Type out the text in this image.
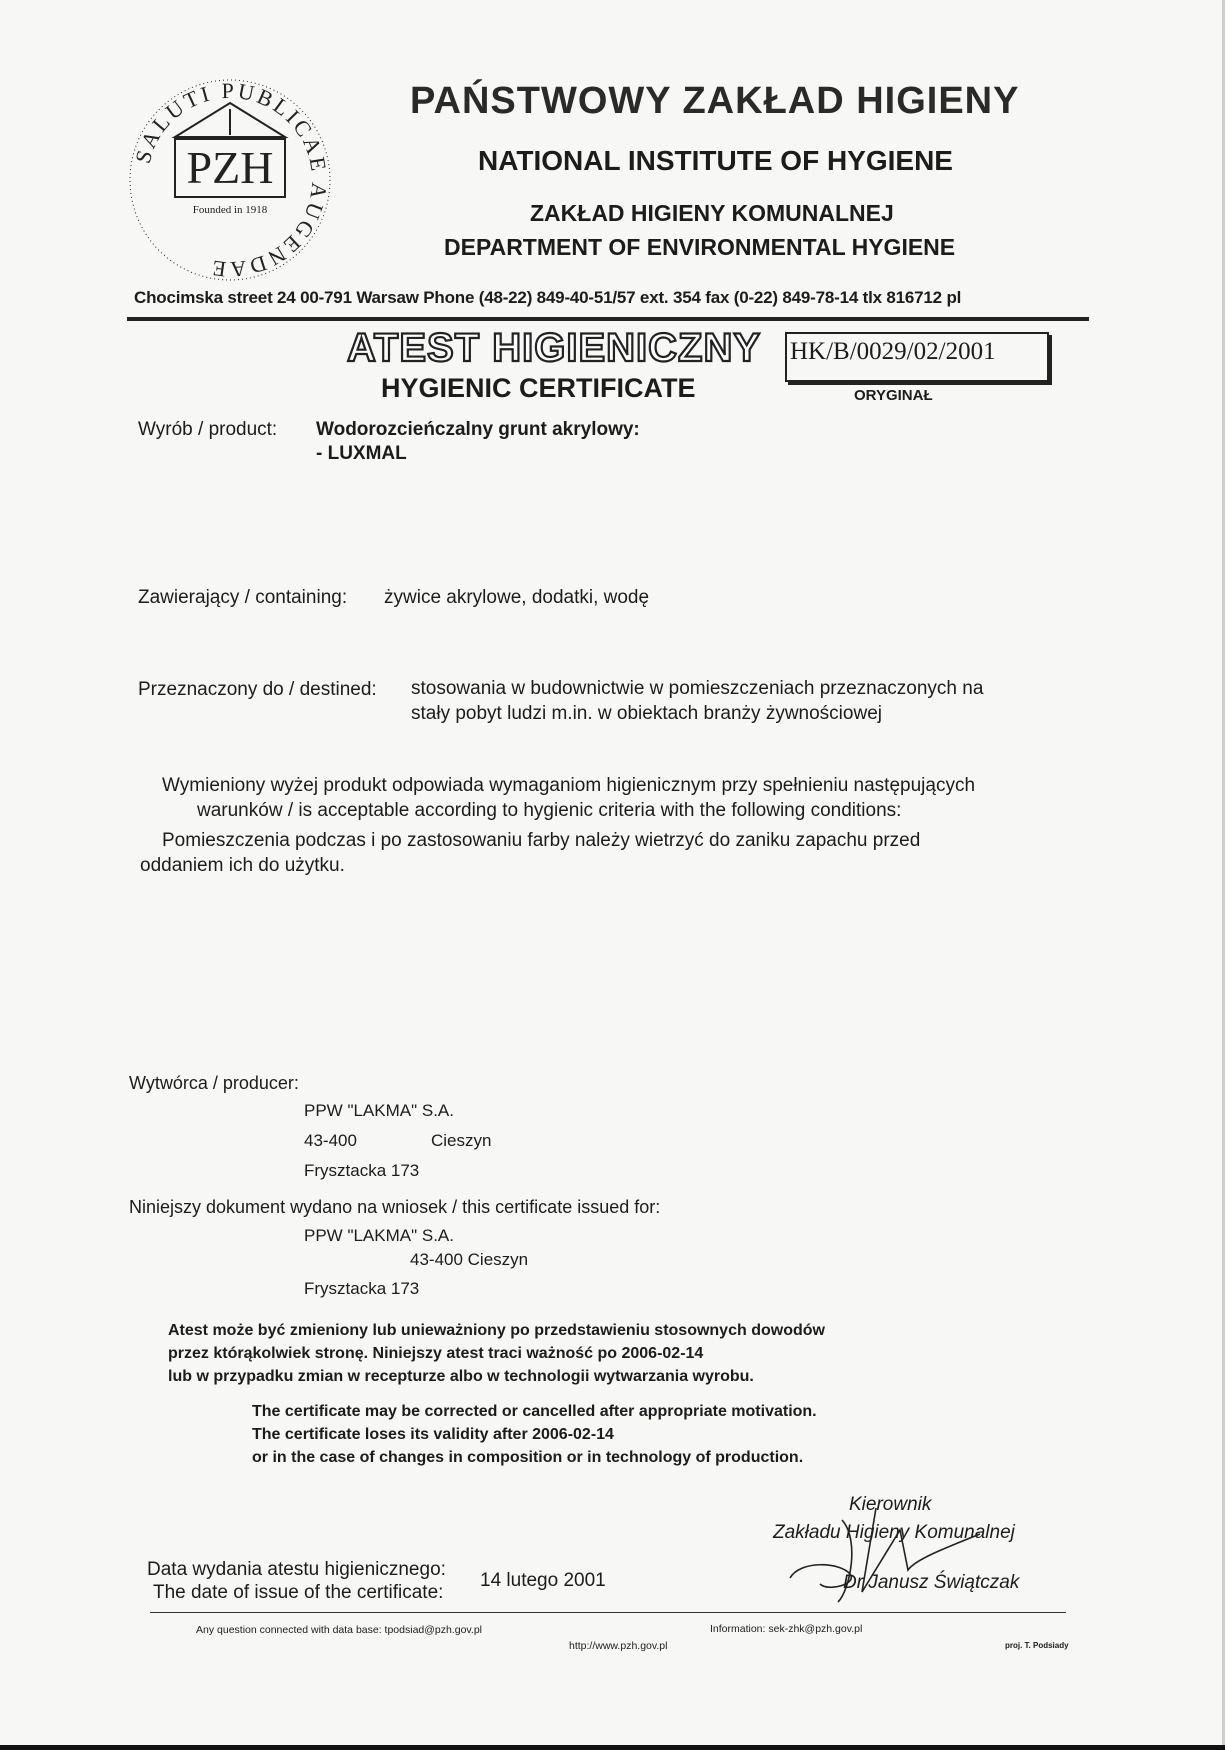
SALUTI PUBLICAE AUGENDAE
PZH
Founded in 1918
PAŃSTWOWY ZAKŁAD HIGIENY
NATIONAL INSTITUTE OF HYGIENE
ZAKŁAD HIGIENY KOMUNALNEJ
DEPARTMENT OF ENVIRONMENTAL HYGIENE
Chocimska street 24 00-791 Warsaw Phone (48-22) 849-40-51/57 ext. 354 fax (0-22) 849-78-14 tlx 816712 pl
ATEST HIGIENICZNY HK/B/0029/02/2001
HYGIENIC CERTIFICATE	ORYGINAŁ
Wyrób / product: Wodorozcieńczalny grunt akrylowy:
- LUXMAL
Zawierający / containing: żywice akrylowe, dodatki, wodę
Przeznaczony do / destined: stosowania w budownictwie w pomieszczeniach przeznaczonych na
stały pobyt ludzi m.in. w obiektach branży żywnościowej
Wymieniony wyżej produkt odpowiada wymaganiom higienicznym przy spełnieniu następujących
warunków / is acceptable according to hygienic criteria with the following conditions:
Pomieszczenia podczas i po zastosowaniu farby należy wietrzyć do zaniku zapachu przed
oddaniem ich do użytku.
Wytwórca / producer:
PPW "LAKMA" S.A.
43-400	Cieszyn
Frysztacka 173
Niniejszy dokument wydano na wniosek / this certificate issued for:
PPW "LAKMA" S.A.
43-400 Cieszyn
Frysztacka 173
Atest może być zmieniony lub unieważniony po przedstawieniu stosownych dowodów
przez którąkolwiek stronę. Niniejszy atest traci ważność po 2006-02-14
lub w przypadku zmian w recepturze albo w technologii wytwarzania wyrobu.
The certificate may be corrected or cancelled after appropriate motivation.
The certificate loses its validity after 2006-02-14
or in the case of changes in composition or in technology of production.
Kierownik
Zakładu Higieny Komunalnej
Dr Janusz Świątczak
Data wydania atestu higienicznego:
The date of issue of the certificate:
14 lutego 2001
Any question connected with data base: tpodsiad@pzh.gov.pl	Information: sek-zhk@pzh.gov.pl
http://www.pzh.gov.pl	proj. T. Podsiady
